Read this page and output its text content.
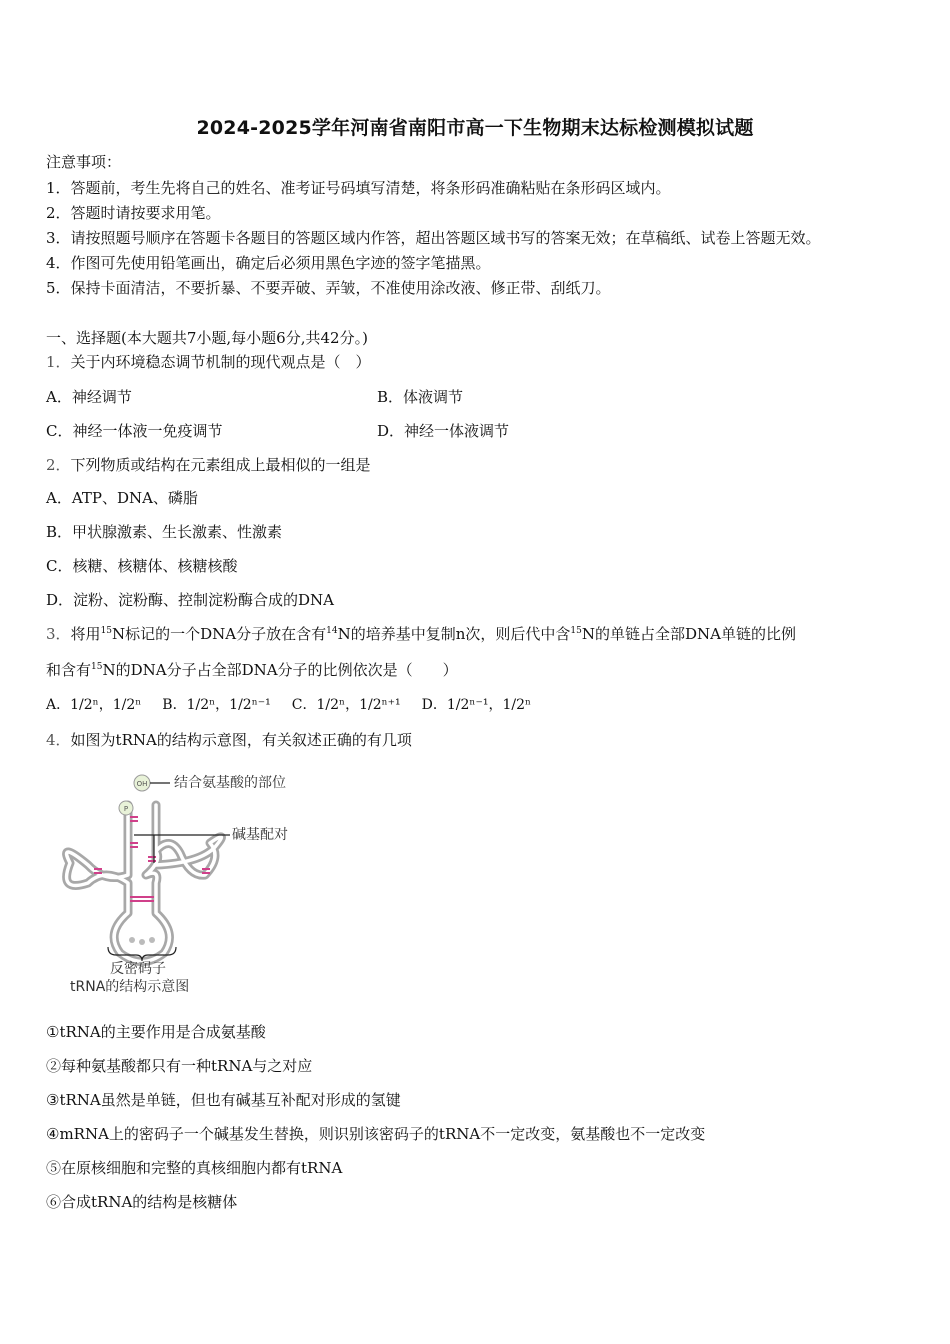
2024-2025学年河南省南阳市高一下生物期末达标检测模拟试题
注意事项：
1．答题前，考生先将自己的姓名、准考证号码填写清楚，将条形码准确粘贴在条形码区域内。
2．答题时请按要求用笔。
3．请按照题号顺序在答题卡各题目的答题区域内作答，超出答题区域书写的答案无效；在草稿纸、试卷上答题无效。
4．作图可先使用铅笔画出，确定后必须用黑色字迹的签字笔描黑。
5．保持卡面清洁，不要折暴、不要弄破、弄皱，不准使用涂改液、修正带、刮纸刀。
一、选择题(本大题共7小题,每小题6分,共42分。)
1．关于内环境稳态调节机制的现代观点是（　）
A．神经调节	B．体液调节
C．神经一体液一免疫调节	D．神经一体液调节
2．下列物质或结构在元素组成上最相似的一组是
A．ATP、DNA、磷脂
B．甲状腺激素、生长激素、性激素
C．核糖、核糖体、核糖核酸
D．淀粉、淀粉酶、控制淀粉酶合成的DNA
3．将用$^{15}$N标记的一个DNA分子放在含有$^{14}$N的培养基中复制n次，则后代中含$^{15}$N的单链占全部DNA单链的比例
和含有$^{15}$N的DNA分子占全部DNA分子的比例依次是（　　）
A．1/2ⁿ，1/2ⁿ   B．1/2ⁿ，1/2ⁿ⁻¹   C．1/2ⁿ，1/2ⁿ⁺¹   D．1/2ⁿ⁻¹，1/2ⁿ
4．如图为tRNA的结构示意图，有关叙述正确的有几项
OH
P
结合氨基酸的部位
碱基配对
反密码子
tRNA的结构示意图
①tRNA的主要作用是合成氨基酸
②每种氨基酸都只有一种tRNA与之对应
③tRNA虽然是单链，但也有碱基互补配对形成的氢键
④mRNA上的密码子一个碱基发生替换，则识别该密码子的tRNA不一定改变，氨基酸也不一定改变
⑤在原核细胞和完整的真核细胞内都有tRNA
⑥合成tRNA的结构是核糖体
